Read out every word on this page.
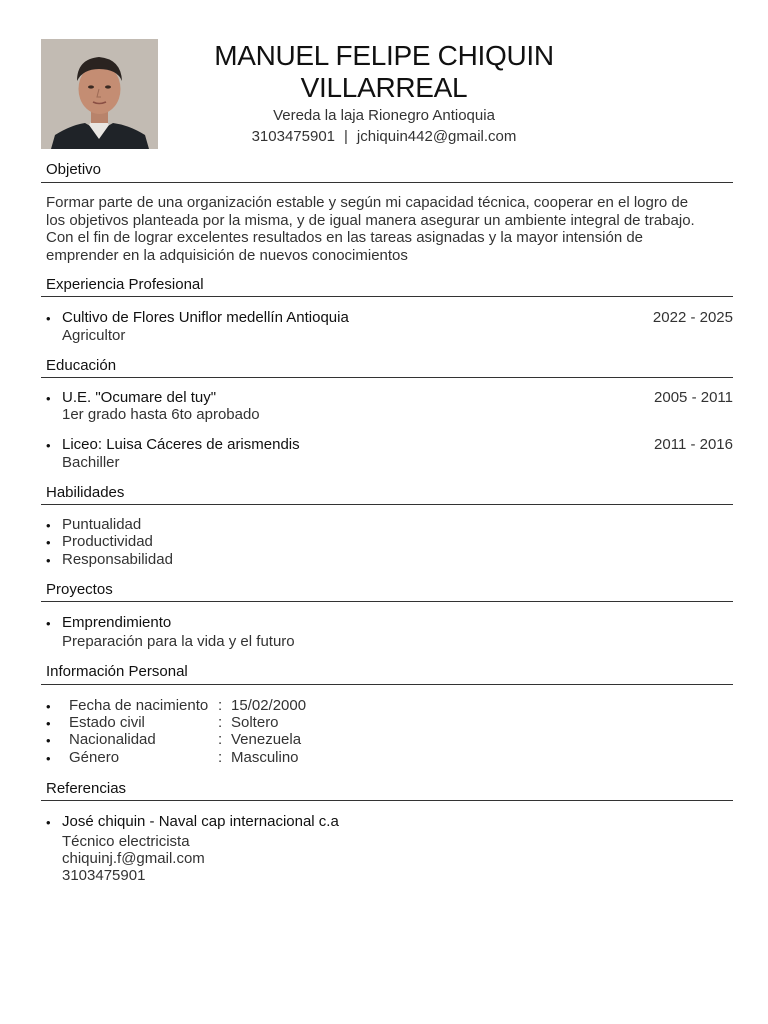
MANUEL FELIPE CHIQUIN
VILLARREAL
Vereda la laja Rionegro Antioquia
3103475901 | jchiquin442@gmail.com
Objetivo
Formar parte de una organización estable y según mi capacidad técnica, cooperar en el logro de
los objetivos planteada por la misma, y de igual manera asegurar un ambiente integral de trabajo.
Con el fin de lograr excelentes resultados en las tareas asignadas y la mayor intensión de
emprender en la adquisición de nuevos conocimientos
Experiencia Profesional
• Cultivo de Flores Uniflor medellín Antioquia	2022 - 2025
Agricultor
Educación
• U.E. "Ocumare del tuy"	2005 - 2011
1er grado hasta 6to aprobado
• Liceo: Luisa Cáceres de arismendis	2011 - 2016
Bachiller
Habilidades
• Puntualidad
• Productividad
• Responsabilidad
Proyectos
• Emprendimiento
Preparación para la vida y el futuro
Información Personal
•	Fecha de nacimiento : 15/02/2000
•	Estado civil	: Soltero
•	Nacionalidad	: Venezuela
•	Género	: Masculino
Referencias
• José chiquin - Naval cap internacional c.a
Técnico electricista
chiquinj.f@gmail.com
3103475901
